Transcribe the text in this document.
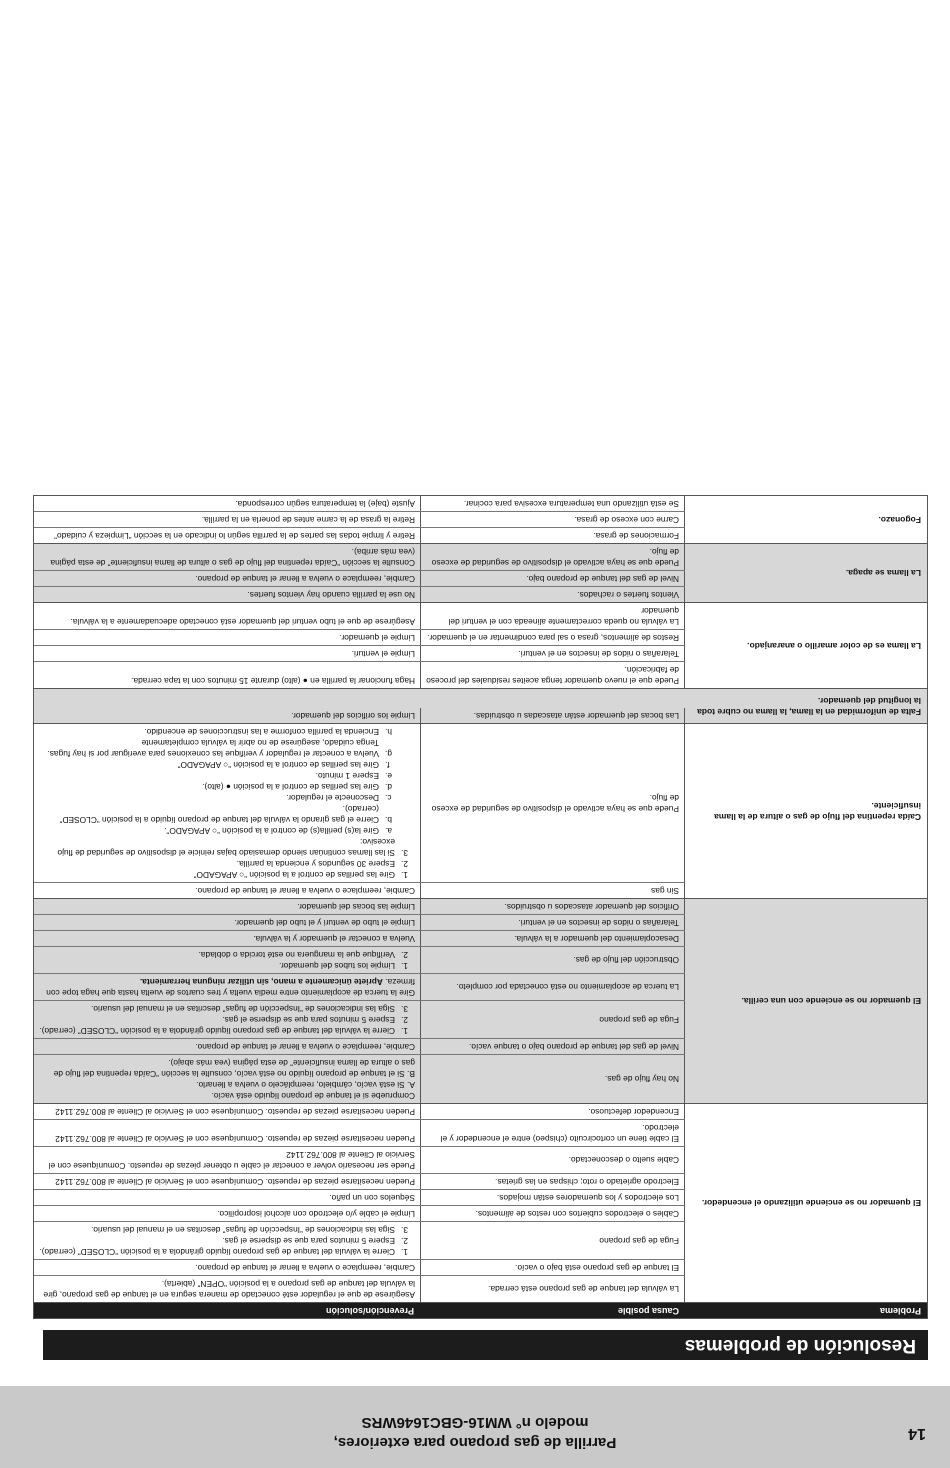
14
Parrilla de gas propano para exteriores,
modelo n° WM16-GBC1646WRS
Resolución de problemas
Problema
Causa posible
Prevención/solución
El quemador no se enciende utilizando el encendedor.
La válvula del tanque de gas propano está cerrada.
Asegúrese de que el regulador esté conectado de manera segura en el tanque de gas propano, gire la válvula del tanque de gas propano a la posición “OPEN” (abierta).
El tanque de gas propano está bajo o vacío.
Cambie, reemplace o vuelva a llenar el tanque de propano.
Fuga de gas propano
1.
Cierre la válvula del tanque de gas propano líquido girándola a la posición “CLOSED” (cerrado).
2.
Espere 5 minutos para que se disperse el gas.
3.
Siga las indicaciones de “Inspección de fugas” descritas en el manual del usuario.
Cables o electrodos cubiertos con restos de alimentos.
Limpie el cable y/o electrodo con alcohol isopropílico.
Los electrodos y los quemadores están mojados.
Séquelos con un paño.
Electrodo agrietado o roto; chispas en las grietas.
Pueden necesitarse piezas de repuesto. Comuníquese con el Servicio al Cliente al 800.762.1142
Cable suelto o desconectado.
Puede ser necesario volver a conectar el cable u obtener piezas de repuesto. Comuníquese con el Servicio al Cliente al 800.762.1142
El cable tiene un cortocircuito (chispeo) entre el encendedor y el electrodo.
Pueden necesitarse piezas de repuesto. Comuníquese con el Servicio al Cliente al 800.762.1142
Encendedor defectuoso.
Pueden necesitarse piezas de repuesto. Comuníquese con el Servicio al Cliente al 800.762.1142
El quemador no se enciende con una cerilla.
No hay flujo de gas.
Compruebe si el tanque de propano líquido está vacío.
A. Si está vacío, cámbielo, reemplácelo o vuelva a llenarlo.
B. Si el tanque de propano líquido no está vacío, consulte la sección “Caída repentina del flujo de gas o altura de llama insuficiente” de esta página (vea más abajo).
Nivel de gas del tanque de propano bajo o tanque vacío.
Cambie, reemplace o vuelva a llenar el tanque de propano.
Fuga de gas propano
1.
Cierre la válvula del tanque de gas propano líquido girándola a la posición “CLOSED” (cerrado).
2.
Espere 5 minutos para que se disperse el gas.
3.
Siga las indicaciones de “Inspección de fugas” descritas en el manual del usuario.
La tuerca de acoplamiento no está conectada por completo.
Gire la tuerca de acoplamiento entre media vuelta y tres cuartos de vuelta hasta que haga tope con firmeza. Apriete únicamente a mano, sin utilizar ninguna herramienta.
Obstrucción del flujo de gas.
1.
Limpie los tubos del quemador.
2.
Verifique que la manguera no esté torcida o doblada.
Desacoplamiento del quemador a la válvula.
Vuelva a conectar el quemador y la válvula.
Telarañas o nidos de insectos en el venturi.
Limpie el tubo de venturi y el tubo del quemador.
Orificios del quemador atascados u obstruidos.
Limpie las bocas del quemador.
Caída repentina del flujo de gas o altura de la llama insuficiente.
Sin gas
Cambie, reemplace o vuelva a llenar el tanque de propano.
Puede que se haya activado el dispositivo de seguridad de exceso de flujo.
1.
Gire las perillas de control a la posición “○ APAGADO”
2.
Espere 30 segundos y encienda la parrilla.
3.
Si las llamas continúan siendo demasiado bajas reinicie el dispositivo de seguridad de flujo excesivo:
a.
Gire la(s) perilla(s) de control a la posición “○ APAGADO”.
b.
Cierre el gas girando la válvula del tanque de propano líquido a la posición “CLOSED” (cerrado).
c.
Desconecte el regulador.
d.
Gire las perillas de control a la posición ● (alto).
e.
Espere 1 minuto.
f.
Gire las perillas de control a la posición “○ APAGADO”
g.
Vuelva a conectar el regulador y verifique las conexiones para averiguar por si hay fugas. Tenga cuidado, asegúrese de no abrir la válvula completamente
h.
Encienda la parrilla conforme a las instrucciones de encendido.
Falta de uniformidad en la llama, la llama no cubre toda la longitud del quemador.
Las bocas del quemador están atascadas u obstruidas.
Limpie los orificios del quemador.
La llama es de color amarillo o anaranjado.
Puede que el nuevo quemador tenga aceites residuales del proceso de fabricación.
Haga funcionar la parrilla en ● (alto) durante 15 minutos con la tapa cerrada.
Telarañas o nidos de insectos en el venturi.
Limpie el venturi.
Restos de alimentos, grasa o sal para condimentar en el quemador.
Limpie el quemador.
La válvula no queda correctamente alineada con el venturi del quemador
Asegúrese de que el tubo venturi del quemador está conectado adecuadamente a la válvula.
La llama se apaga.
Vientos fuertes o rachados.
No use la parrilla cuando hay vientos fuertes.
Nivel de gas del tanque de propano bajo.
Cambie, reemplace o vuelva a llenar el tanque de propano.
Puede que se haya activado el dispositivo de seguridad de exceso de flujo.
Consulte la sección “Caída repentina del flujo de gas o altura de llama insuficiente” de esta página (vea más arriba).
Fogonazo.
Formaciones de grasa.
Retire y limpie todas las partes de la parrilla según lo indicado en la sección “Limpieza y cuidado”
Carne con exceso de grasa.
Retire la grasa de la carne antes de ponerla en la parrilla.
Se está utilizando una temperatura excesiva para cocinar.
Ajuste (baje) la temperatura según corresponda.
